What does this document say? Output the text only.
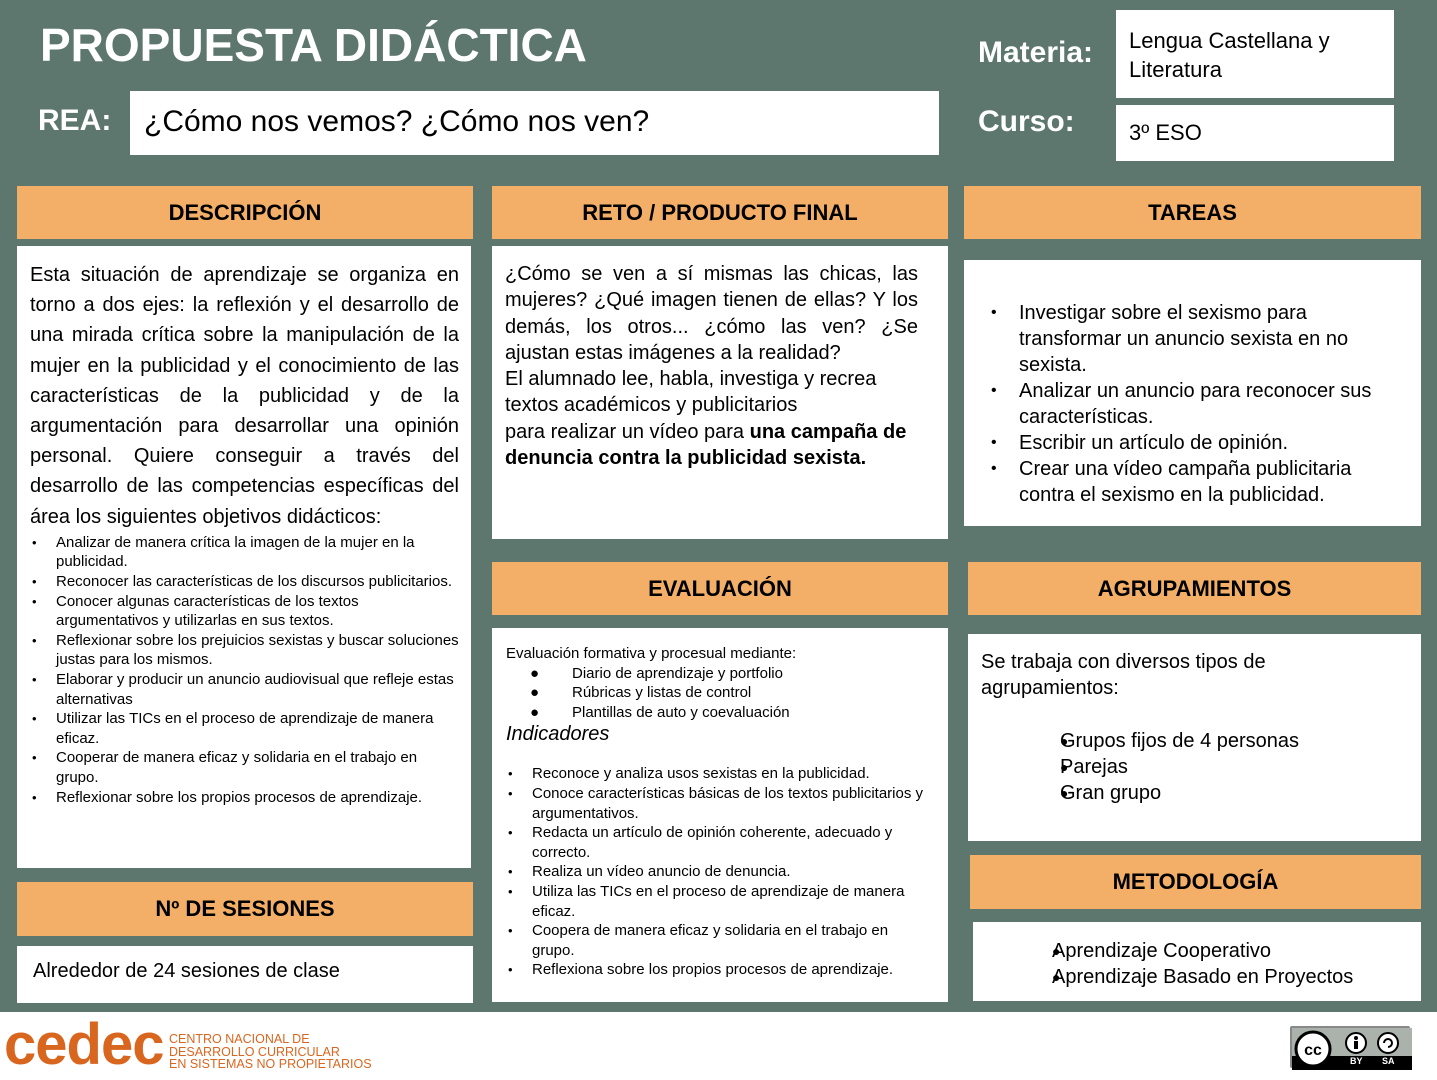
PROPUESTA DIDÁCTICA
REA:	¿Cómo nos vemos? ¿Cómo nos ven?
Materia:	Lengua Castellana y Literatura
Curso:	3º ESO
DESCRIPCIÓN
Esta situación de aprendizaje se organiza en torno a dos ejes: la reflexión y el desarrollo de una mirada crítica sobre la manipulación de la mujer en la publicidad y el conocimiento de las características de la publicidad y de la argumentación para desarrollar una opinión personal. Quiere conseguir a través del desarrollo de las competencias específicas del área los siguientes objetivos didácticos:
• Analizar de manera crítica la imagen de la mujer en la publicidad.
• Reconocer las características de los discursos publicitarios.
• Conocer algunas características de los textos argumentativos y utilizarlas en sus textos.
• Reflexionar sobre los prejuicios sexistas y buscar soluciones justas para los mismos.
• Elaborar y producir un anuncio audiovisual que refleje estas alternativas
• Utilizar las TICs en el proceso de aprendizaje de manera eficaz.
• Cooperar de manera eficaz y solidaria en el trabajo en grupo.
• Reflexionar sobre los propios procesos de aprendizaje.
Nº DE SESIONES
Alrededor de 24 sesiones de clase
RETO / PRODUCTO FINAL
¿Cómo se ven a sí mismas las chicas, las mujeres? ¿Qué imagen tienen de ellas? Y los demás, los otros... ¿cómo las ven? ¿Se ajustan estas imágenes a la realidad?
El alumnado lee, habla, investiga y recrea textos académicos y publicitarios
para realizar un vídeo para una campaña de denuncia contra la publicidad sexista.
EVALUACIÓN
Evaluación formativa y procesual mediante:
● Diario de aprendizaje y portfolio
● Rúbricas y listas de control
● Plantillas de auto y coevaluación
Indicadores
• Reconoce y analiza usos sexistas en la publicidad.
• Conoce características básicas de los textos publicitarios y argumentativos.
• Redacta un artículo de opinión coherente, adecuado y correcto.
• Realiza un vídeo anuncio de denuncia.
• Utiliza las TICs en el proceso de aprendizaje de manera eficaz.
• Coopera de manera eficaz y solidaria en el trabajo en grupo.
• Reflexiona sobre los propios procesos de aprendizaje.
TAREAS
• Investigar sobre el sexismo para transformar un anuncio sexista en no sexista.
• Analizar un anuncio para reconocer sus características.
• Escribir un artículo de opinión.
• Crear una vídeo campaña publicitaria contra el sexismo en la publicidad.
AGRUPAMIENTOS
Se trabaja con diversos tipos de agrupamientos:
● Grupos fijos de 4 personas
● Parejas
● Gran grupo
METODOLOGÍA
● Aprendizaje Cooperativo
● Aprendizaje Basado en Proyectos
cedec CENTRO NACIONAL DE
DESARROLLO CURRICULAR
EN SISTEMAS NO PROPIETARIOS
cc
BY SA
